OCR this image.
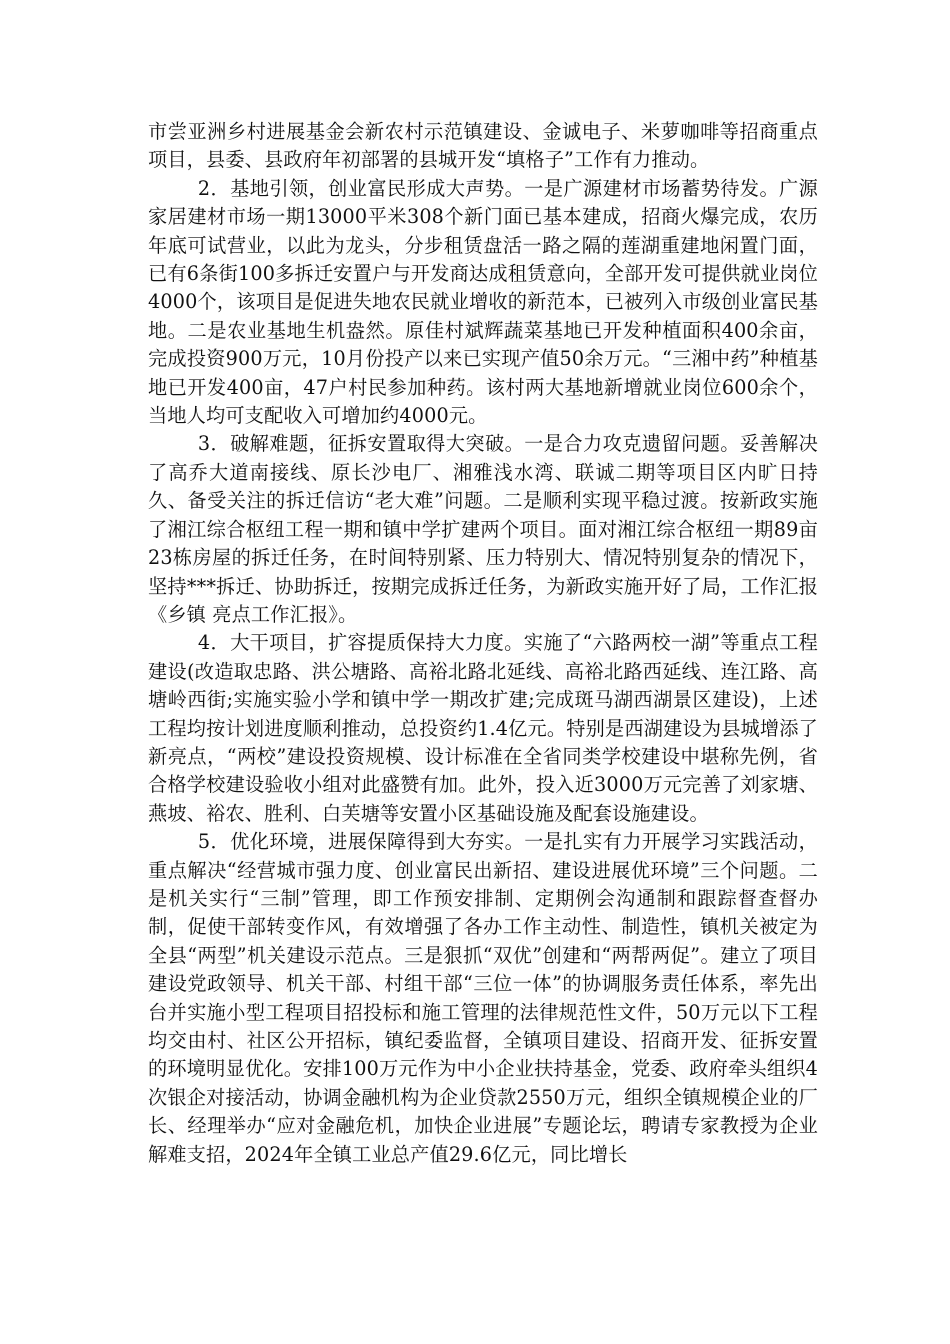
市尝亚洲乡村进展基金会新农村示范镇建设、金诚电子、米萝咖啡等招商重点项目，县委、县政府年初部署的县城开发“填格子”工作有力推动。

2．基地引领，创业富民形成大声势。一是广源建材市场蓄势待发。广源家居建材市场一期13000平米308个新门面已基本建成，招商火爆完成，农历年底可试营业，以此为龙头，分步租赁盘活一路之隔的莲湖重建地闲置门面，已有6条街100多拆迁安置户与开发商达成租赁意向，全部开发可提供就业岗位4000个，该项目是促进失地农民就业增收的新范本，已被列入市级创业富民基地。二是农业基地生机盎然。原佳村斌辉蔬菜基地已开发种植面积400余亩，完成投资900万元，10月份投产以来已实现产值50余万元。“三湘中药”种植基地已开发400亩，47户村民参加种药。该村两大基地新增就业岗位600余个，当地人均可支配收入可增加约4000元。

3．破解难题，征拆安置取得大突破。一是合力攻克遗留问题。妥善解决了高乔大道南接线、原长沙电厂、湘雅浅水湾、联诚二期等项目区内旷日持久、备受关注的拆迁信访“老大难”问题。二是顺利实现平稳过渡。按新政实施了湘江综合枢纽工程一期和镇中学扩建两个项目。面对湘江综合枢纽一期89亩23栋房屋的拆迁任务，在时间特别紧、压力特别大、情况特别复杂的情况下，坚持***拆迁、协助拆迁，按期完成拆迁任务，为新政实施开好了局，工作汇报《乡镇 亮点工作汇报》。

4．大干项目，扩容提质保持大力度。实施了“六路两校一湖”等重点工程建设(改造取忠路、洪公塘路、高裕北路北延线、高裕北路西延线、连江路、高塘岭西街;实施实验小学和镇中学一期改扩建;完成斑马湖西湖景区建设)，上述工程均按计划进度顺利推动，总投资约1.4亿元。特别是西湖建设为县城增添了新亮点，“两校”建设投资规模、设计标准在全省同类学校建设中堪称先例，省合格学校建设验收小组对此盛赞有加。此外，投入近3000万元完善了刘家塘、燕坡、裕农、胜利、白芙塘等安置小区基础设施及配套设施建设。

5．优化环境，进展保障得到大夯实。一是扎实有力开展学习实践活动，重点解决“经营城市强力度、创业富民出新招、建设进展优环境”三个问题。二是机关实行“三制”管理，即工作预安排制、定期例会沟通制和跟踪督查督办制，促使干部转变作风，有效增强了各办工作主动性、制造性，镇机关被定为全县“两型”机关建设示范点。三是狠抓“双优”创建和“两帮两促”。建立了项目建设党政领导、机关干部、村组干部“三位一体”的协调服务责任体系，率先出台并实施小型工程项目招投标和施工管理的法律规范性文件，50万元以下工程均交由村、社区公开招标，镇纪委监督，全镇项目建设、招商开发、征拆安置的环境明显优化。安排100万元作为中小企业扶持基金，党委、政府牵头组织4次银企对接活动，协调金融机构为企业贷款2550万元，组织全镇规模企业的厂长、经理举办“应对金融危机，加快企业进展”专题论坛，聘请专家教授为企业解难支招，2024年全镇工业总产值29.6亿元，同比增长
